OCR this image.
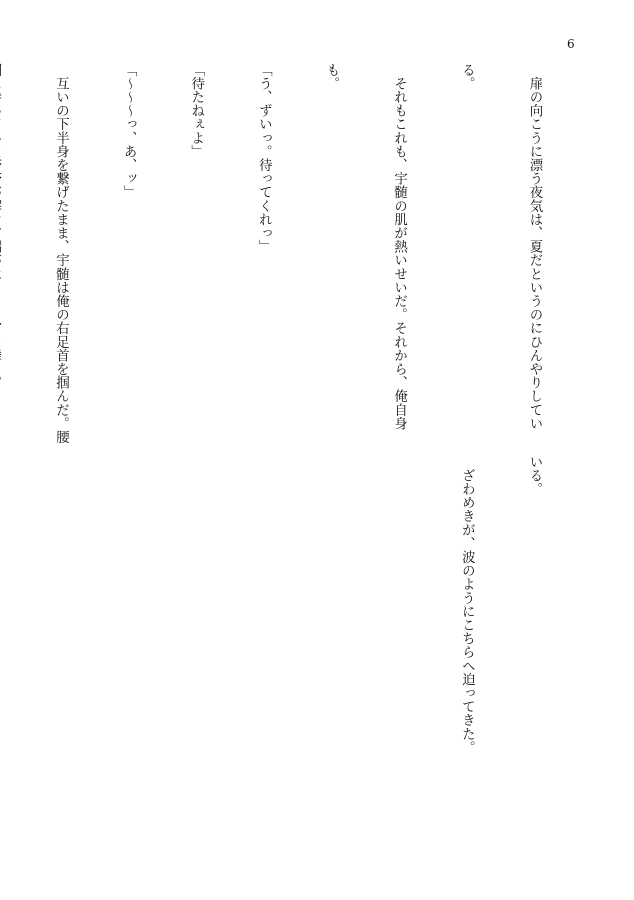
6

　扉の向こうに漂う夜気は、夏だというのにひんやりしてい

る。

　それもこれも、宇髄の肌が熱いせいだ。それから、俺自身

も。

「う、ずいっ。待ってくれっ」

「待たねぇよ」

「〜〜〜っ、あ、ッ」

　互いの下半身を繋げたまま、宇髄は俺の右足首を掴んだ。腰

いる。

　ざわめきが、波のようにこちらへ迫ってきた。
